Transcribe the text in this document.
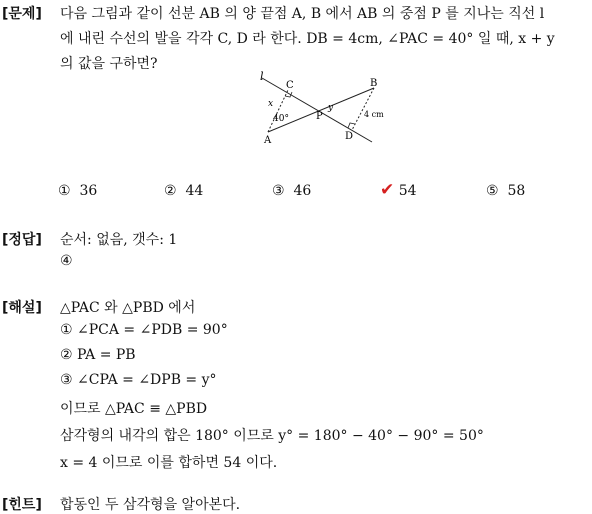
[문제] 다음 그림과 같이 선분 AB 의 양 끝점 A, B 에서 AB 의 중점 P 를 지나는 직선 l
에 내린 수선의 발을 각각 C, D 라 한다. DB = 4cm, ∠PAC = 40° 일 때, x + y
의 값을 구하면?
l
C	B
A
P
D
x	y
40°	4 cm
① 36	② 44	③ 46	✔ 54	⑤ 58
[정답] 순서: 없음, 갯수: 1
④
[해설] △PAC 와 △PBD 에서
① ∠PCA = ∠PDB = 90°
② PA = PB
③ ∠CPA = ∠DPB = y°
이므로 △PAC ≡ △PBD
삼각형의 내각의 합은 180° 이므로 y° = 180° − 40° − 90° = 50°
x = 4 이므로 이를 합하면 54 이다.
[힌트] 합동인 두 삼각형을 알아본다.
